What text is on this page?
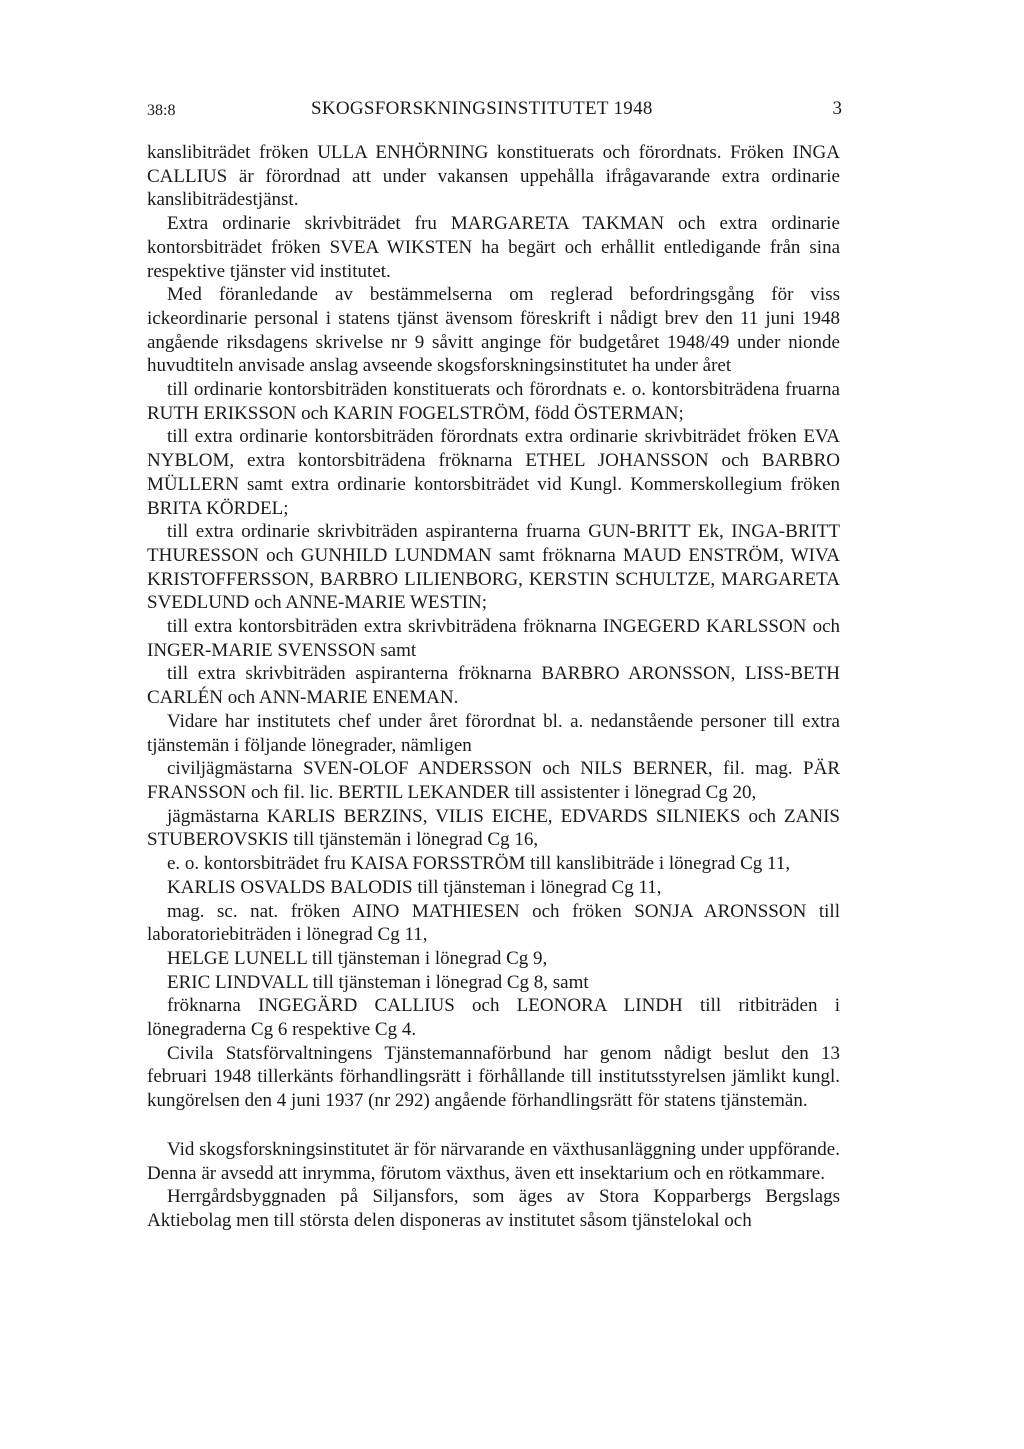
38:8	SKOGSFORSKNINGSINSTITUTET 1948	3

kanslibiträdet fröken ULLA ENHÖRNING konstituerats och förordnats. Fröken INGA CALLIUS är förordnad att under vakansen uppehålla ifrågavarande extra ordinarie kanslibiträdestjänst.

Extra ordinarie skrivbiträdet fru MARGARETA TAKMAN och extra ordinarie kontorsbiträdet fröken SVEA WIKSTEN ha begärt och erhållit entledigande från sina respektive tjänster vid institutet.

Med föranledande av bestämmelserna om reglerad befordringsgång för viss ickeordinarie personal i statens tjänst ävensom föreskrift i nådigt brev den 11 juni 1948 angående riksdagens skrivelse nr 9 såvitt anginge för budgetåret 1948/49 under nionde huvudtiteln anvisade anslag avseende skogsforskningsinstitutet ha under året

till ordinarie kontorsbiträden konstituerats och förordnats e. o. kontorsbiträdena fruarna RUTH ERIKSSON och KARIN FOGELSTRÖM, född ÖSTERMAN;

till extra ordinarie kontorsbiträden förordnats extra ordinarie skrivbiträdet fröken EVA NYBLOM, extra kontorsbiträdena fröknarna ETHEL JOHANSSON och BARBRO MÜLLERN samt extra ordinarie kontorsbiträdet vid Kungl. Kommerskollegium fröken BRITA KÖRDEL;

till extra ordinarie skrivbiträden aspiranterna fruarna GUN-BRITT Ek, INGA-BRITT THURESSON och GUNHILD LUNDMAN samt fröknarna MAUD ENSTRÖM, WIVA KRISTOFFERSSON, BARBRO LILIENBORG, KERSTIN SCHULTZE, MARGARETA SVEDLUND och ANNE-MARIE WESTIN;

till extra kontorsbiträden extra skrivbiträdena fröknarna INGEGERD KARLSSON och INGER-MARIE SVENSSON samt

till extra skrivbiträden aspiranterna fröknarna BARBRO ARONSSON, LISS-BETH CARLÉN och ANN-MARIE ENEMAN.

Vidare har institutets chef under året förordnat bl. a. nedanstående personer till extra tjänstemän i följande lönegrader, nämligen

civiljägmästarna SVEN-OLOF ANDERSSON och NILS BERNER, fil. mag. PÄR FRANSSON och fil. lic. BERTIL LEKANDER till assistenter i lönegrad Cg 20,

jägmästarna KARLIS BERZINS, VILIS EICHE, EDVARDS SILNIEKS och ZANIS STUBEROVSKIS till tjänstemän i lönegrad Cg 16,

e. o. kontorsbiträdet fru KAISA FORSSTRÖM till kanslibiträde i lönegrad Cg 11,

KARLIS OSVALDS BALODIS till tjänsteman i lönegrad Cg 11,

mag. sc. nat. fröken AINO MATHIESEN och fröken SONJA ARONSSON till laboratoriebiträden i lönegrad Cg 11,

HELGE LUNELL till tjänsteman i lönegrad Cg 9,

ERIC LINDVALL till tjänsteman i lönegrad Cg 8, samt

fröknarna INGEGÄRD CALLIUS och LEONORA LINDH till ritbiträden i lönegraderna Cg 6 respektive Cg 4.

Civila Statsförvaltningens Tjänstemannaförbund har genom nådigt beslut den 13 februari 1948 tillerkänts förhandlingsrätt i förhållande till institutsstyrelsen jämlikt kungl. kungörelsen den 4 juni 1937 (nr 292) angående förhandlingsrätt för statens tjänstemän.

Vid skogsforskningsinstitutet är för närvarande en växthusanläggning under uppförande. Denna är avsedd att inrymma, förutom växthus, även ett insektarium och en rötkammare.

Herrgårdsbyggnaden på Siljansfors, som äges av Stora Kopparbergs Bergslags Aktiebolag men till största delen disponeras av institutet såsom tjänstelokal och
